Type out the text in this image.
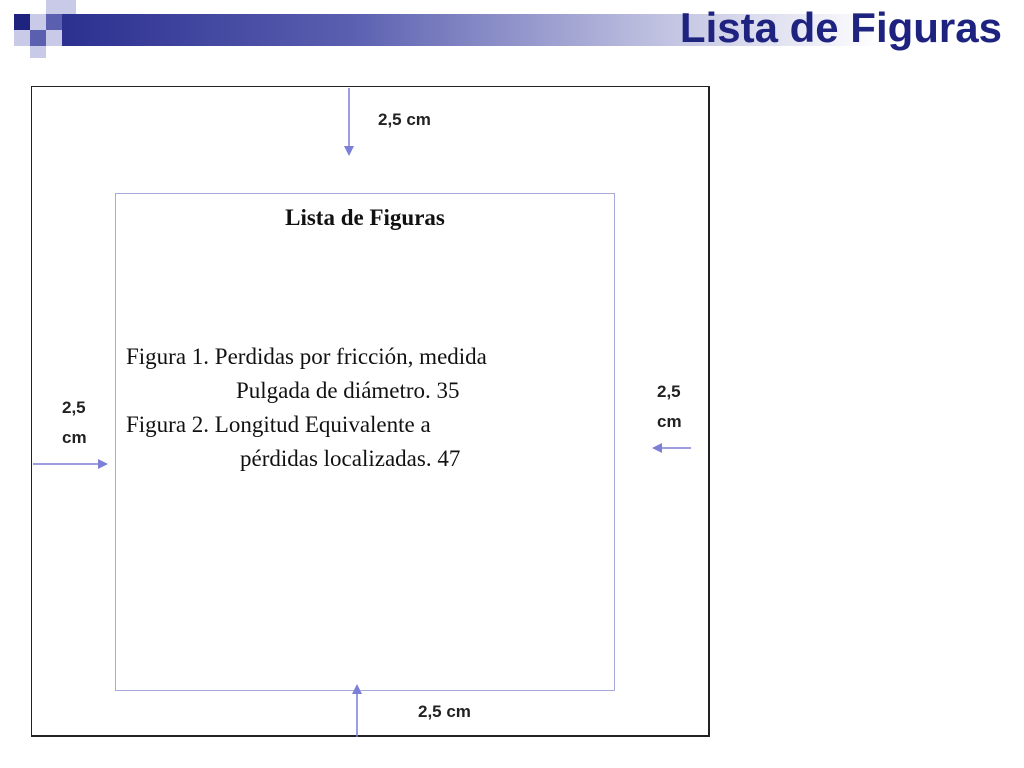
Lista de Figuras
Lista de Figuras
Figura 1. Perdidas por fricción, medida
Pulgada de diámetro. 35
Figura 2. Longitud Equivalente a
pérdidas localizadas. 47
2,5 cm
2,5 cm
2,5
cm
2,5
cm
